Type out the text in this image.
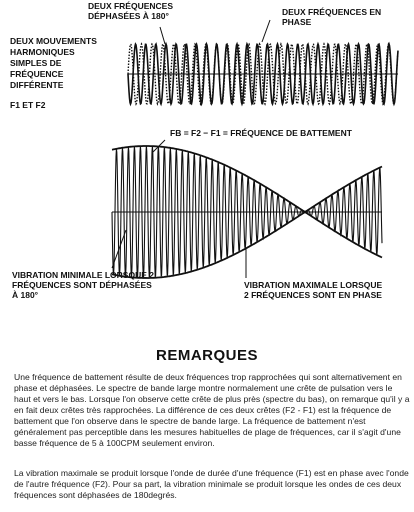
DEUX FRÉQUENCES DÉPHASÉES À 180°	DEUX FRÉQUENCES EN PHASE
DEUX MOUVEMENTS HARMONIQUES SIMPLES DE FRÉQUENCE DIFFÉRENTE
F1 ET F2
FB = F2 − F1 = FRÉQUENCE DE BATTEMENT
VIBRATION MINIMALE LORSQUE 2 FRÉQUENCES SONT DÉPHASÉES À 180°
VIBRATION MAXIMALE LORSQUE 2 FRÉQUENCES SONT EN PHASE
REMARQUES

Une fréquence de battement résulte de deux fréquences trop rapprochées qui sont alternativement en phase et déphasées. Le spectre de bande large montre normalement une crête de pulsation vers le haut et vers le bas. Lorsque l'on observe cette crête de plus près (spectre du bas), on remarque qu'il y a en fait deux crêtes très rapprochées. La différence de ces deux crêtes (F2 - F1) est la fréquence de battement que l'on observe dans le spectre de bande large. La fréquence de battement n'est généralement pas perceptible dans les mesures habituelles de plage de fréquences, car il s'agit d'une basse fréquence de 5 à 100CPM seulement environ.

La vibration maximale se produit lorsque l'onde de durée d'une fréquence (F1) est en phase avec l'onde de l'autre fréquence (F2). Pour sa part, la vibration minimale se produit lorsque les ondes de ces deux fréquences sont déphasées de 180degrés.
